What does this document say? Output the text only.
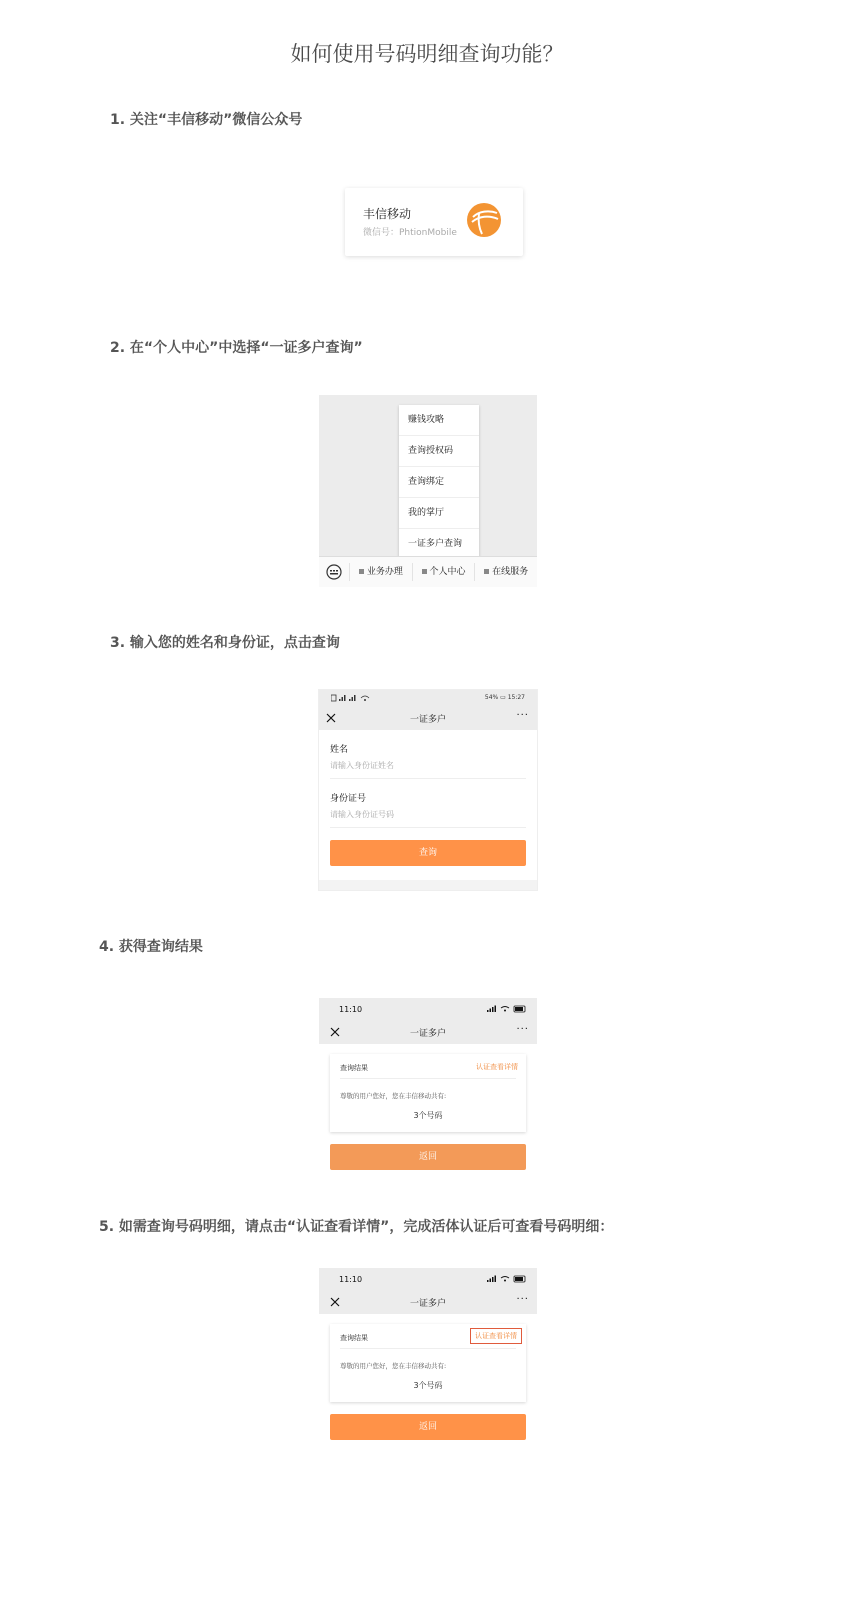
如何使用号码明细查询功能？
1. 关注“丰信移动”微信公众号
2. 在“个人中心”中选择“一证多户查询”
3. 输入您的姓名和身份证，点击查询
4. 获得查询结果
5. 如需查询号码明细，请点击“认证查看详情”，完成活体认证后可查看号码明细：
丰信移动
微信号：PhtionMobile
赚钱攻略
查询授权码
查询绑定
我的掌厅
一证多户查询
业务办理	个人中心	在线服务
54% ▭ 15:27
一证多户	···
姓名
请输入身份证姓名
身份证号
请输入身份证号码
查询
11:10
一证多户	···
查询结果	认证查看详情
尊敬的用户您好，您在丰信移动共有:
3个号码
返回
11:10
一证多户	···
查询结果	认证查看详情
尊敬的用户您好，您在丰信移动共有:
3个号码
返回
